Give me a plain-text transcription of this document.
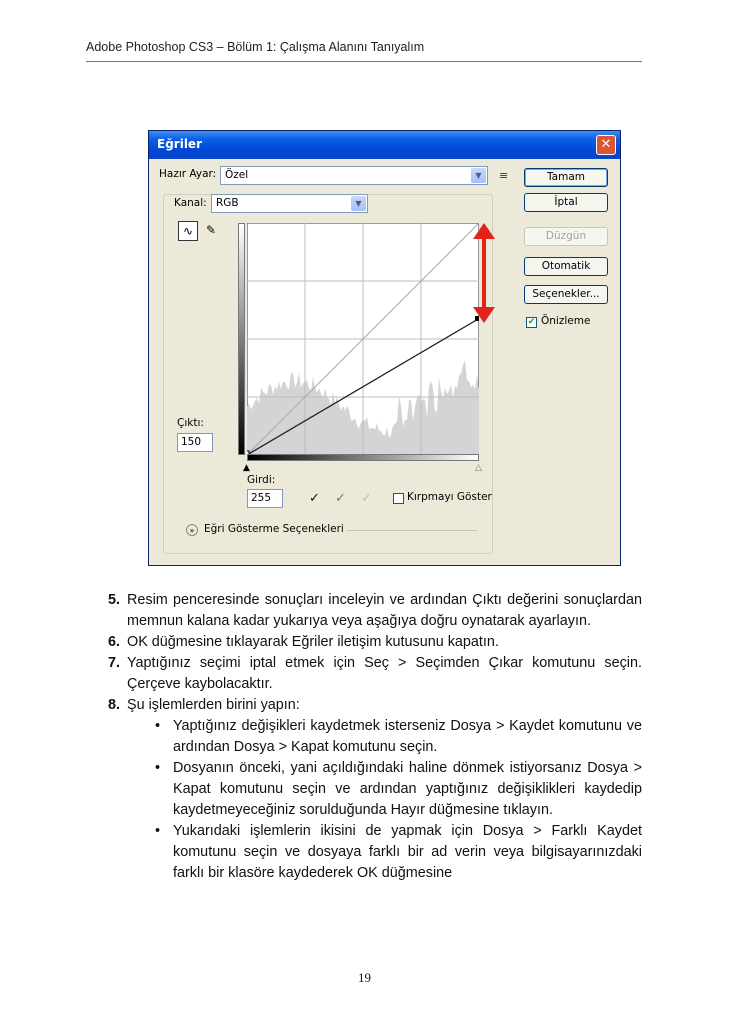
Adobe Photoshop CS3 – Bölüm 1: Çalışma Alanını Tanıyalım
Eğriler	✕
Hazır Ayar: Özel	▼	≡	Tamam
İptal
Düzgün
Otomatik
Seçenekler...
✔ Önizleme
Kanal: RGB	▼
∿	✎
Çıktı:
150
▲	△
Girdi:
255	✓ ✓ ✓	Kırpmayı Göster
» Eğri Gösterme Seçenekleri
5. Resim penceresinde sonuçları inceleyin ve ardından Çıktı değerini sonuçlardan memnun kalana kadar yukarıya veya aşağıya doğru oynatarak ayarlayın.
6. OK düğmesine tıklayarak Eğriler iletişim kutusunu kapatın.
7. Yaptığınız seçimi iptal etmek için Seç > Seçimden Çıkar komutunu seçin. Çerçeve kaybolacaktır.
8. Şu işlemlerden birini yapın:
• Yaptığınız değişikleri kaydetmek isterseniz Dosya > Kaydet komutunu ve ardından Dosya > Kapat komutunu seçin.
• Dosyanın önceki, yani açıldığındaki haline dönmek istiyorsanız Dosya > Kapat komutunu seçin ve ardından yaptığınız değişiklikleri kaydedip kaydetmeyeceğiniz sorulduğunda Hayır düğmesine tıklayın.
• Yukarıdaki işlemlerin ikisini de yapmak için Dosya > Farklı Kaydet komutunu seçin ve dosyaya farklı bir ad verin veya bilgisayarınızdaki farklı bir klasöre kaydederek OK düğmesine
19
